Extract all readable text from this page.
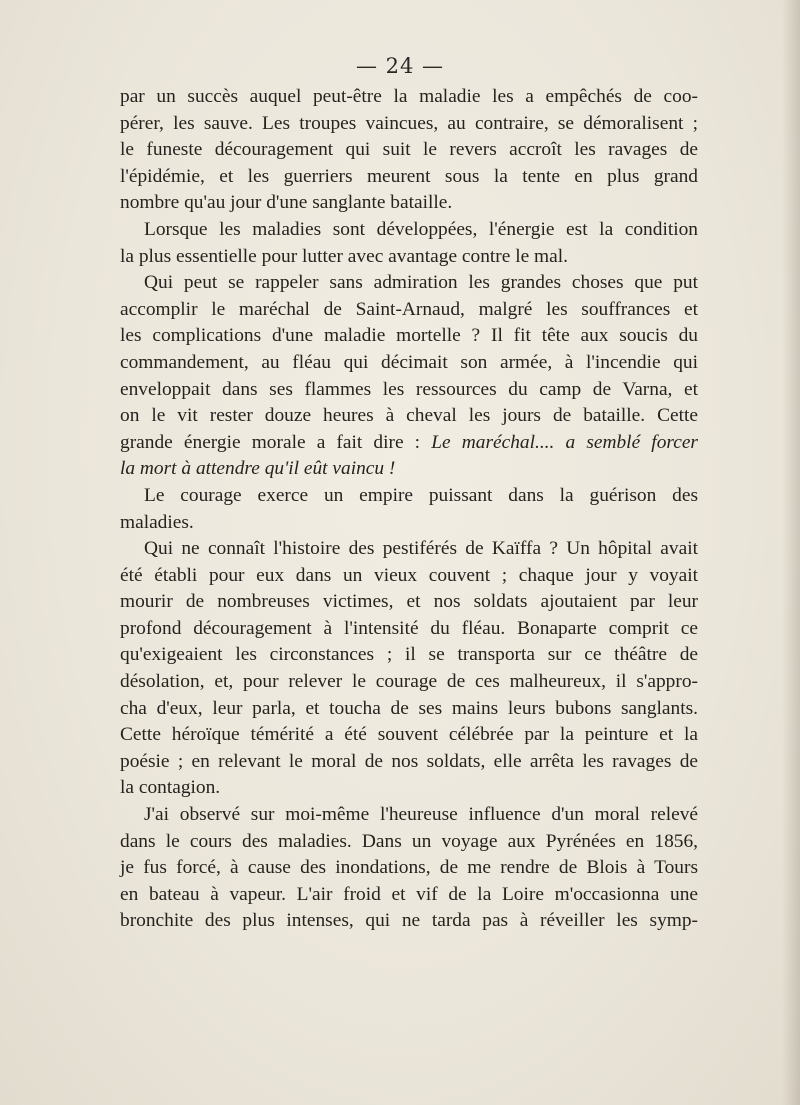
— 24 —
par un succès auquel peut-être la maladie les a empêchés de coo-
pérer, les sauve. Les troupes vaincues, au contraire, se démoralisent ;
le funeste découragement qui suit le revers accroît les ravages de
l'épidémie, et les guerriers meurent sous la tente en plus grand
nombre qu'au jour d'une sanglante bataille.
Lorsque les maladies sont développées, l'énergie est la condition
la plus essentielle pour lutter avec avantage contre le mal.
Qui peut se rappeler sans admiration les grandes choses que put
accomplir le maréchal de Saint-Arnaud, malgré les souffrances et
les complications d'une maladie mortelle ? Il fit tête aux soucis du
commandement, au fléau qui décimait son armée, à l'incendie qui
enveloppait dans ses flammes les ressources du camp de Varna, et
on le vit rester douze heures à cheval les jours de bataille. Cette
grande énergie morale a fait dire : Le maréchal.... a semblé forcer
la mort à attendre qu'il eût vaincu !
Le courage exerce un empire puissant dans la guérison des
maladies.
Qui ne connaît l'histoire des pestiférés de Kaïffa ? Un hôpital avait
été établi pour eux dans un vieux couvent ; chaque jour y voyait
mourir de nombreuses victimes, et nos soldats ajoutaient par leur
profond découragement à l'intensité du fléau. Bonaparte comprit ce
qu'exigeaient les circonstances ; il se transporta sur ce théâtre de
désolation, et, pour relever le courage de ces malheureux, il s'appro-
cha d'eux, leur parla, et toucha de ses mains leurs bubons sanglants.
Cette héroïque témérité a été souvent célébrée par la peinture et la
poésie ; en relevant le moral de nos soldats, elle arrêta les ravages de
la contagion.
J'ai observé sur moi-même l'heureuse influence d'un moral relevé
dans le cours des maladies. Dans un voyage aux Pyrénées en 1856,
je fus forcé, à cause des inondations, de me rendre de Blois à Tours
en bateau à vapeur. L'air froid et vif de la Loire m'occasionna une
bronchite des plus intenses, qui ne tarda pas à réveiller les symp-
